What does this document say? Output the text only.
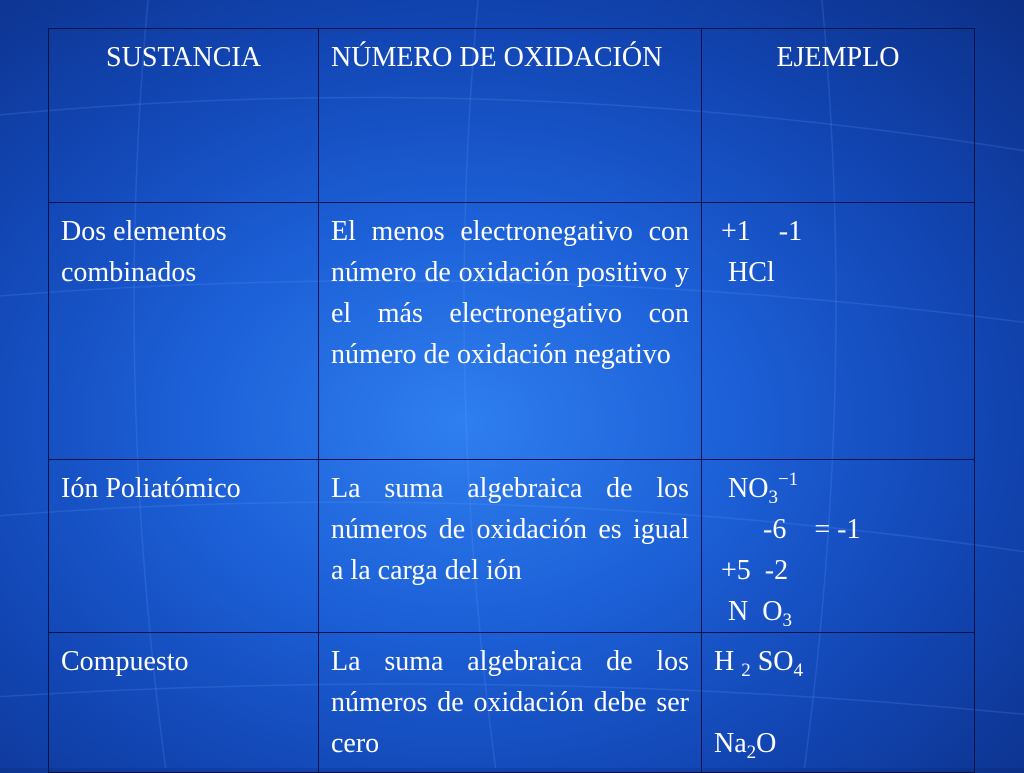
SUSTANCIA	NÚMERO DE OXIDACIÓN	EJEMPLO
Dos elementos combinados	El menos electronegativo con número de oxidación positivo y el más electronegativo con número de oxidación negativo	+1    -1
HCl

Ión Poliatómico	La suma algebraica de los números de oxidación es igual a la carga del ión	$NO_3^{-1}$
-6    = -1
+5  -2
N  $O_3$

Compuesto	La suma algebraica de los números de oxidación debe ser cero	H $_2$ $SO_4$

$Na_2O$
